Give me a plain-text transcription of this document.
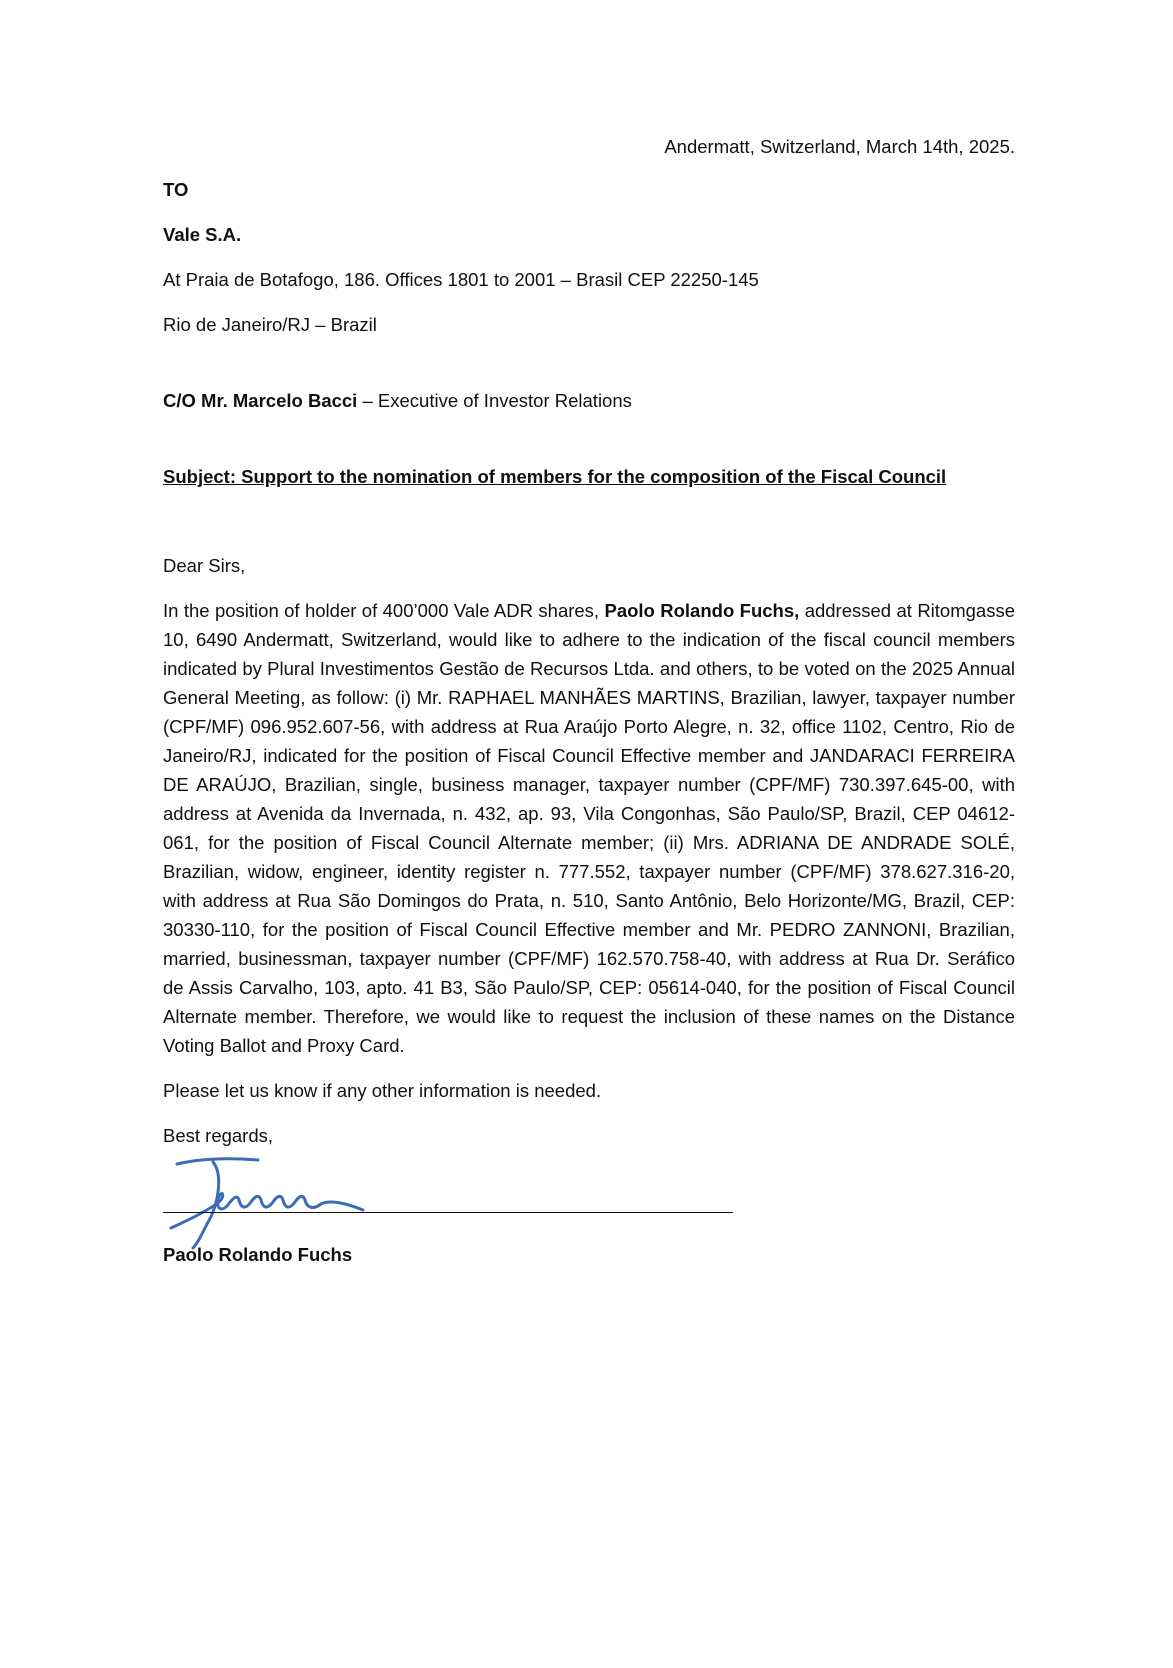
Andermatt, Switzerland, March 14th, 2025.
TO
Vale S.A.
At Praia de Botafogo, 186. Offices 1801 to 2001 – Brasil CEP 22250-145
Rio de Janeiro/RJ – Brazil
C/O Mr. Marcelo Bacci – Executive of Investor Relations
Subject: Support to the nomination of members for the composition of the Fiscal Council
Dear Sirs,
In the position of holder of 400’000 Vale ADR shares, Paolo Rolando Fuchs, addressed at Ritomgasse 10, 6490 Andermatt, Switzerland, would like to adhere to the indication of the fiscal council members indicated by Plural Investimentos Gestão de Recursos Ltda. and others, to be voted on the 2025 Annual General Meeting, as follow: (i) Mr. RAPHAEL MANHÃES MARTINS, Brazilian, lawyer, taxpayer number (CPF/MF) 096.952.607-56, with address at Rua Araújo Porto Alegre, n. 32, office 1102, Centro, Rio de Janeiro/RJ, indicated for the position of Fiscal Council Effective member and JANDARACI FERREIRA DE ARAÚJO, Brazilian, single, business manager, taxpayer number (CPF/MF) 730.397.645-00, with address at Avenida da Invernada, n. 432, ap. 93, Vila Congonhas, São Paulo/SP, Brazil, CEP 04612-061, for the position of Fiscal Council Alternate member; (ii) Mrs. ADRIANA DE ANDRADE SOLÉ, Brazilian, widow, engineer, identity register n. 777.552, taxpayer number (CPF/MF) 378.627.316-20, with address at Rua São Domingos do Prata, n. 510, Santo Antônio, Belo Horizonte/MG, Brazil, CEP: 30330-110, for the position of Fiscal Council Effective member and Mr. PEDRO ZANNONI, Brazilian, married, businessman, taxpayer number (CPF/MF) 162.570.758-40, with address at Rua Dr. Seráfico de Assis Carvalho, 103, apto. 41 B3, São Paulo/SP, CEP: 05614-040, for the position of Fiscal Council Alternate member. Therefore, we would like to request the inclusion of these names on the Distance Voting Ballot and Proxy Card.
Please let us know if any other information is needed.
Best regards,
Paolo Rolando Fuchs
